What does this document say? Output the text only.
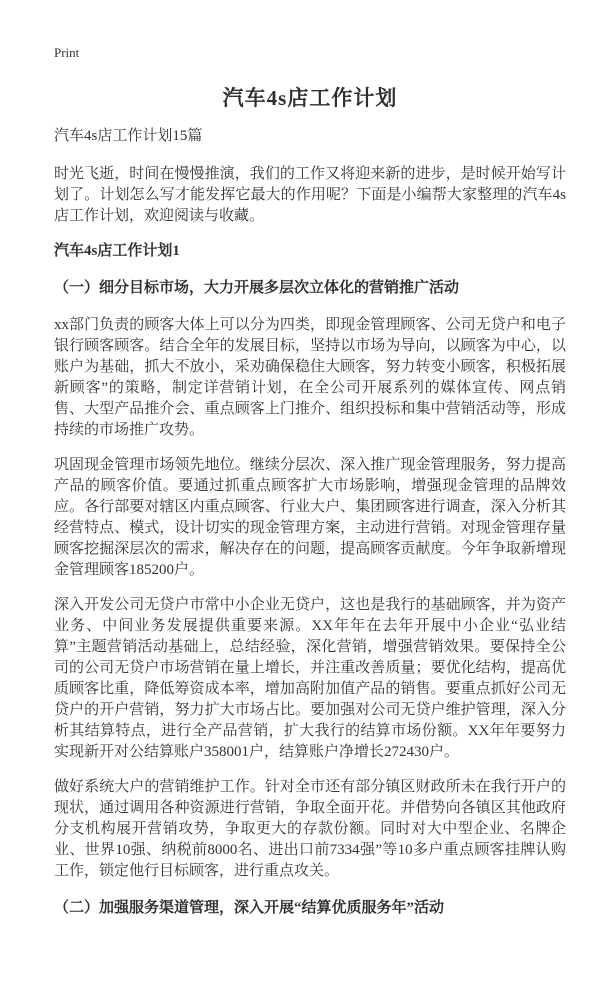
Print
汽车4s店工作计划
汽车4s店工作计划15篇

时光飞逝，时间在慢慢推演，我们的工作又将迎来新的进步，是时候开始写计划了。计划怎么写才能发挥它最大的作用呢？下面是小编帮大家整理的汽车4s店工作计划，欢迎阅读与收藏。

汽车4s店工作计划1
（一）细分目标市场，大力开展多层次立体化的营销推广活动

xx部门负责的顾客大体上可以分为四类，即现金管理顾客、公司无贷户和电子银行顾客顾客。结合全年的发展目标，坚持以市场为导向，以顾客为中心，以账户为基础，抓大不放小，采劝确保稳住大顾客，努力转变小顾客，积极拓展新顾客”的策略，制定详营销计划，在全公司开展系列的媒体宣传、网点销售、大型产品推介会、重点顾客上门推介、组织投标和集中营销活动等，形成持续的市场推广攻势。

巩固现金管理市场领先地位。继续分层次、深入推广现金管理服务，努力提高产品的顾客价值。要通过抓重点顾客扩大市场影响，增强现金管理的品牌效应。各行部要对辖区内重点顾客、行业大户、集团顾客进行调查，深入分析其经营特点、模式，设计切实的现金管理方案，主动进行营销。对现金管理存量顾客挖掘深层次的需求，解决存在的问题，提高顾客贡献度。今年争取新增现金管理顾客185200户。

深入开发公司无贷户市常中小企业无贷户，这也是我行的基础顾客，并为资产业务、中间业务发展提供重要来源。XX年年在去年开展中小企业“弘业结算”主题营销活动基础上，总结经验，深化营销，增强营销效果。要保持全公司的公司无贷户市场营销在量上增长，并注重改善质量；要优化结构，提高优质顾客比重，降低筹资成本率，增加高附加值产品的销售。要重点抓好公司无贷户的开户营销，努力扩大市场占比。要加强对公司无贷户维护管理，深入分析其结算特点，进行全产品营销，扩大我行的结算市场份额。XX年年要努力实现新开对公结算账户358001户，结算账户净增长272430户。

做好系统大户的营销维护工作。针对全市还有部分镇区财政所未在我行开户的现状，通过调用各种资源进行营销，争取全面开花。并借势向各镇区其他政府分支机构展开营销攻势，争取更大的存款份额。同时对大中型企业、名牌企业、世界10强、纳税前8000名、进出口前7334强”等10多户重点顾客挂牌认购工作，锁定他行目标顾客，进行重点攻关。

（二）加强服务渠道管理，深入开展“结算优质服务年”活动
